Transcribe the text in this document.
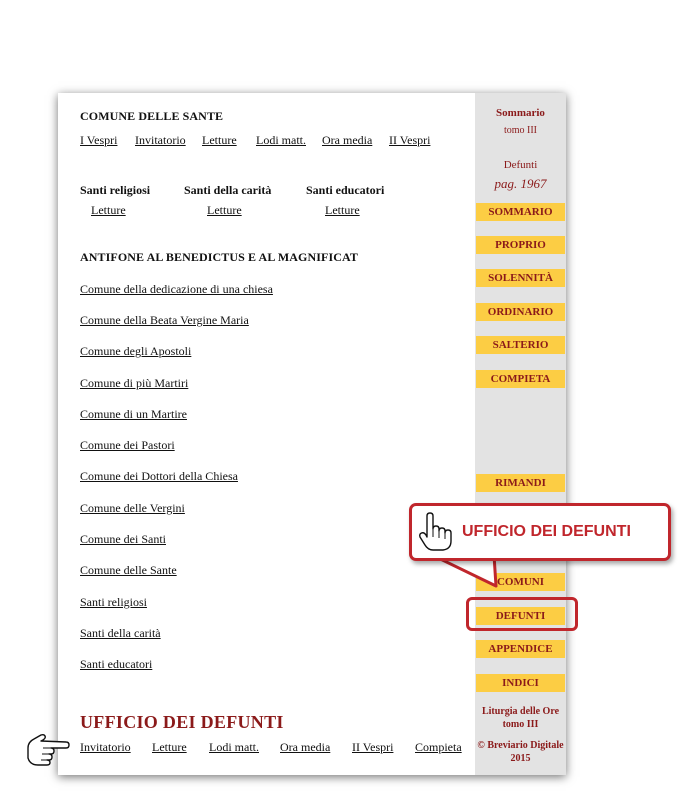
COMUNE DELLE SANTE
I Vespri Invitatorio Letture Lodi matt. Ora media II Vespri
Santi religiosi	Santi della carità	Santi educatori
Letture	Letture	Letture
ANTIFONE AL BENEDICTUS E AL MAGNIFICAT
Comune della dedicazione di una chiesa
Comune della Beata Vergine Maria
Comune degli Apostoli
Comune di più Martiri
Comune di un Martire
Comune dei Pastori
Comune dei Dottori della Chiesa
Comune delle Vergini
Comune dei Santi
Comune delle Sante
Santi religiosi
Santi della carità
Santi educatori
UFFICIO DEI DEFUNTI
Invitatorio Letture Lodi matt. Ora media II Vespri Compieta
Sommario
tomo III
Defunti
pag. 1967
SOMMARIO
PROPRIO
SOLENNITÀ
ORDINARIO
SALTERIO
COMPIETA
RIMANDI
COMUNI
DEFUNTI
APPENDICE
INDICI
Liturgia delle Ore
tomo III
© Breviario Digitale
2015
UFFICIO DEI DEFUNTI
